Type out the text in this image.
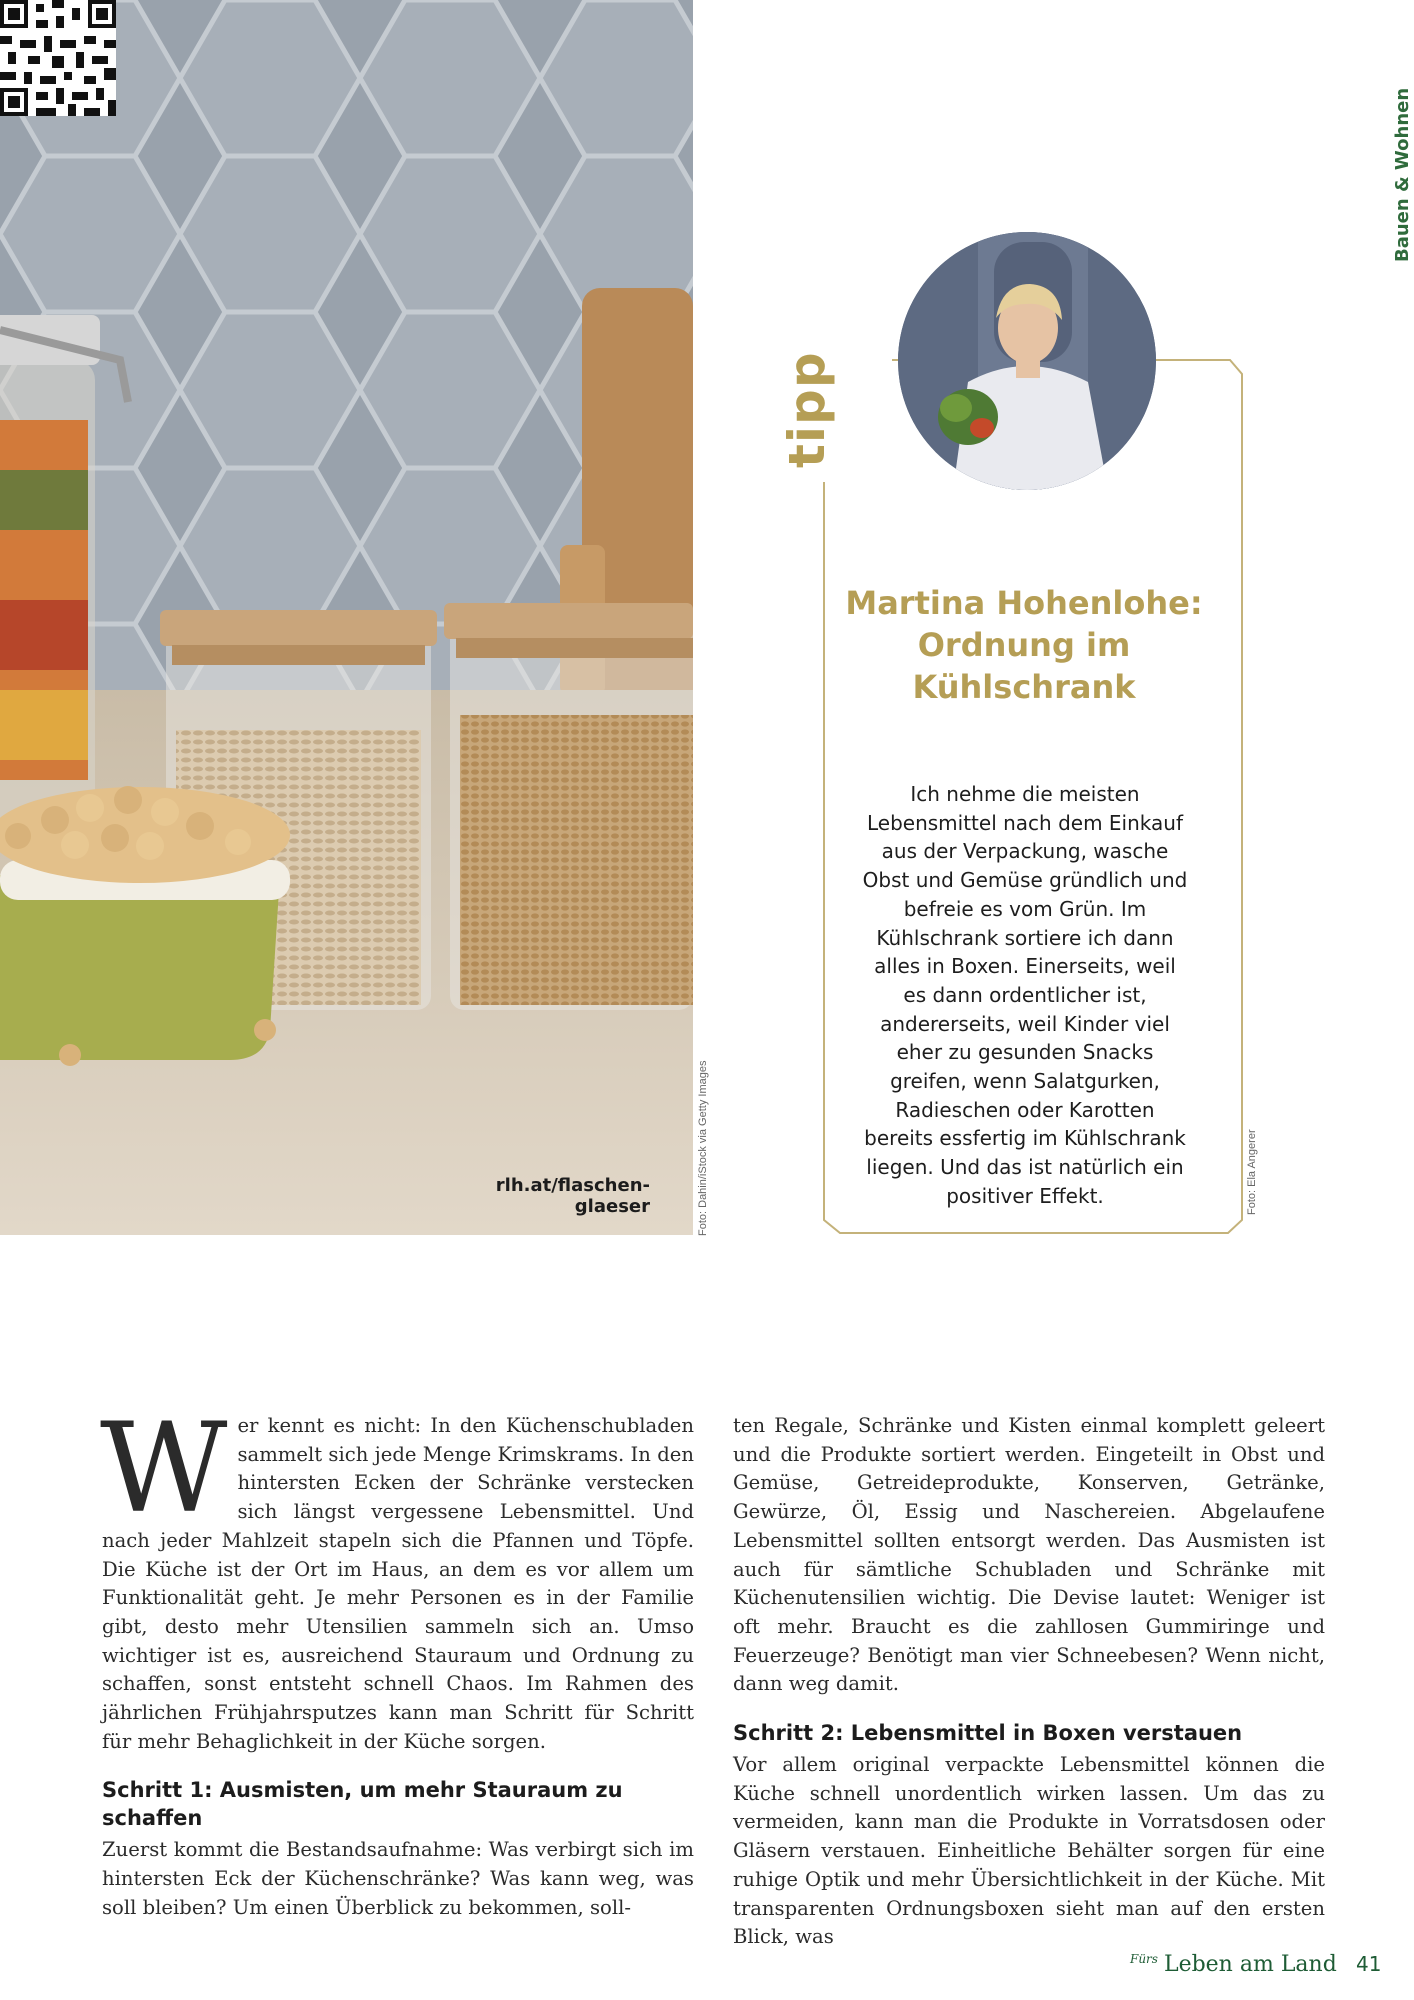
rlh.at/flaschen-glaeser	Foto: Dahin/iStock via Getty Images
Bauen & Wohnen
tipp
Martina Hohenlohe: Ordnung im Kühlschrank
Ich nehme die meisten Lebensmittel nach dem Einkauf aus der Verpackung, wasche Obst und Gemüse gründlich und befreie es vom Grün. Im Kühlschrank sortiere ich dann alles in Boxen. Einerseits, weil es dann ordentlicher ist, andererseits, weil Kinder viel eher zu gesunden Snacks greifen, wenn Salatgurken, Radieschen oder Karotten bereits essfertig im Kühlschrank liegen. Und das ist natürlich ein positiver Effekt.	Foto: Ela Angerer
W er kennt es nicht: In den Küchenschubladen sammelt sich jede Menge Krimskrams. In den hintersten Ecken der Schränke verstecken sich längst vergessene Lebensmittel. Und nach jeder Mahlzeit stapeln sich die Pfannen und Töpfe. Die Küche ist der Ort im Haus, an dem es vor allem um Funktionalität geht. Je mehr Personen es in der Familie gibt, desto mehr Utensilien sammeln sich an. Umso wichtiger ist es, ausreichend Stauraum und Ordnung zu schaffen, sonst entsteht schnell Chaos. Im Rahmen des jährlichen Frühjahrsputzes kann man Schritt für Schritt für mehr Behaglichkeit in der Küche sorgen.

Schritt 1: Ausmisten, um mehr Stauraum zu schaffen

Zuerst kommt die Bestandsaufnahme: Was verbirgt sich im hintersten Eck der Küchenschränke? Was kann weg, was soll bleiben? Um einen Überblick zu bekommen, soll-

ten Regale, Schränke und Kisten einmal komplett geleert und die Produkte sortiert werden. Eingeteilt in Obst und Gemüse, Getreideprodukte, Konserven, Getränke, Gewürze, Öl, Essig und Naschereien. Abgelaufene Lebensmittel sollten entsorgt werden. Das Ausmisten ist auch für sämtliche Schubladen und Schränke mit Küchenutensilien wichtig. Die Devise lautet: Weniger ist oft mehr. Braucht es die zahllosen Gummiringe und Feuerzeuge? Benötigt man vier Schneebesen? Wenn nicht, dann weg damit.

Schritt 2: Lebensmittel in Boxen verstauen

Vor allem original verpackte Lebensmittel können die Küche schnell unordentlich wirken lassen. Um das zu vermeiden, kann man die Produkte in Vorratsdosen oder Gläsern verstauen. Einheitliche Behälter sorgen für eine ruhige Optik und mehr Übersichtlichkeit in der Küche. Mit transparenten Ordnungsboxen sieht man auf den ersten Blick, was

$^{Fürs}$ Leben am Land 41
